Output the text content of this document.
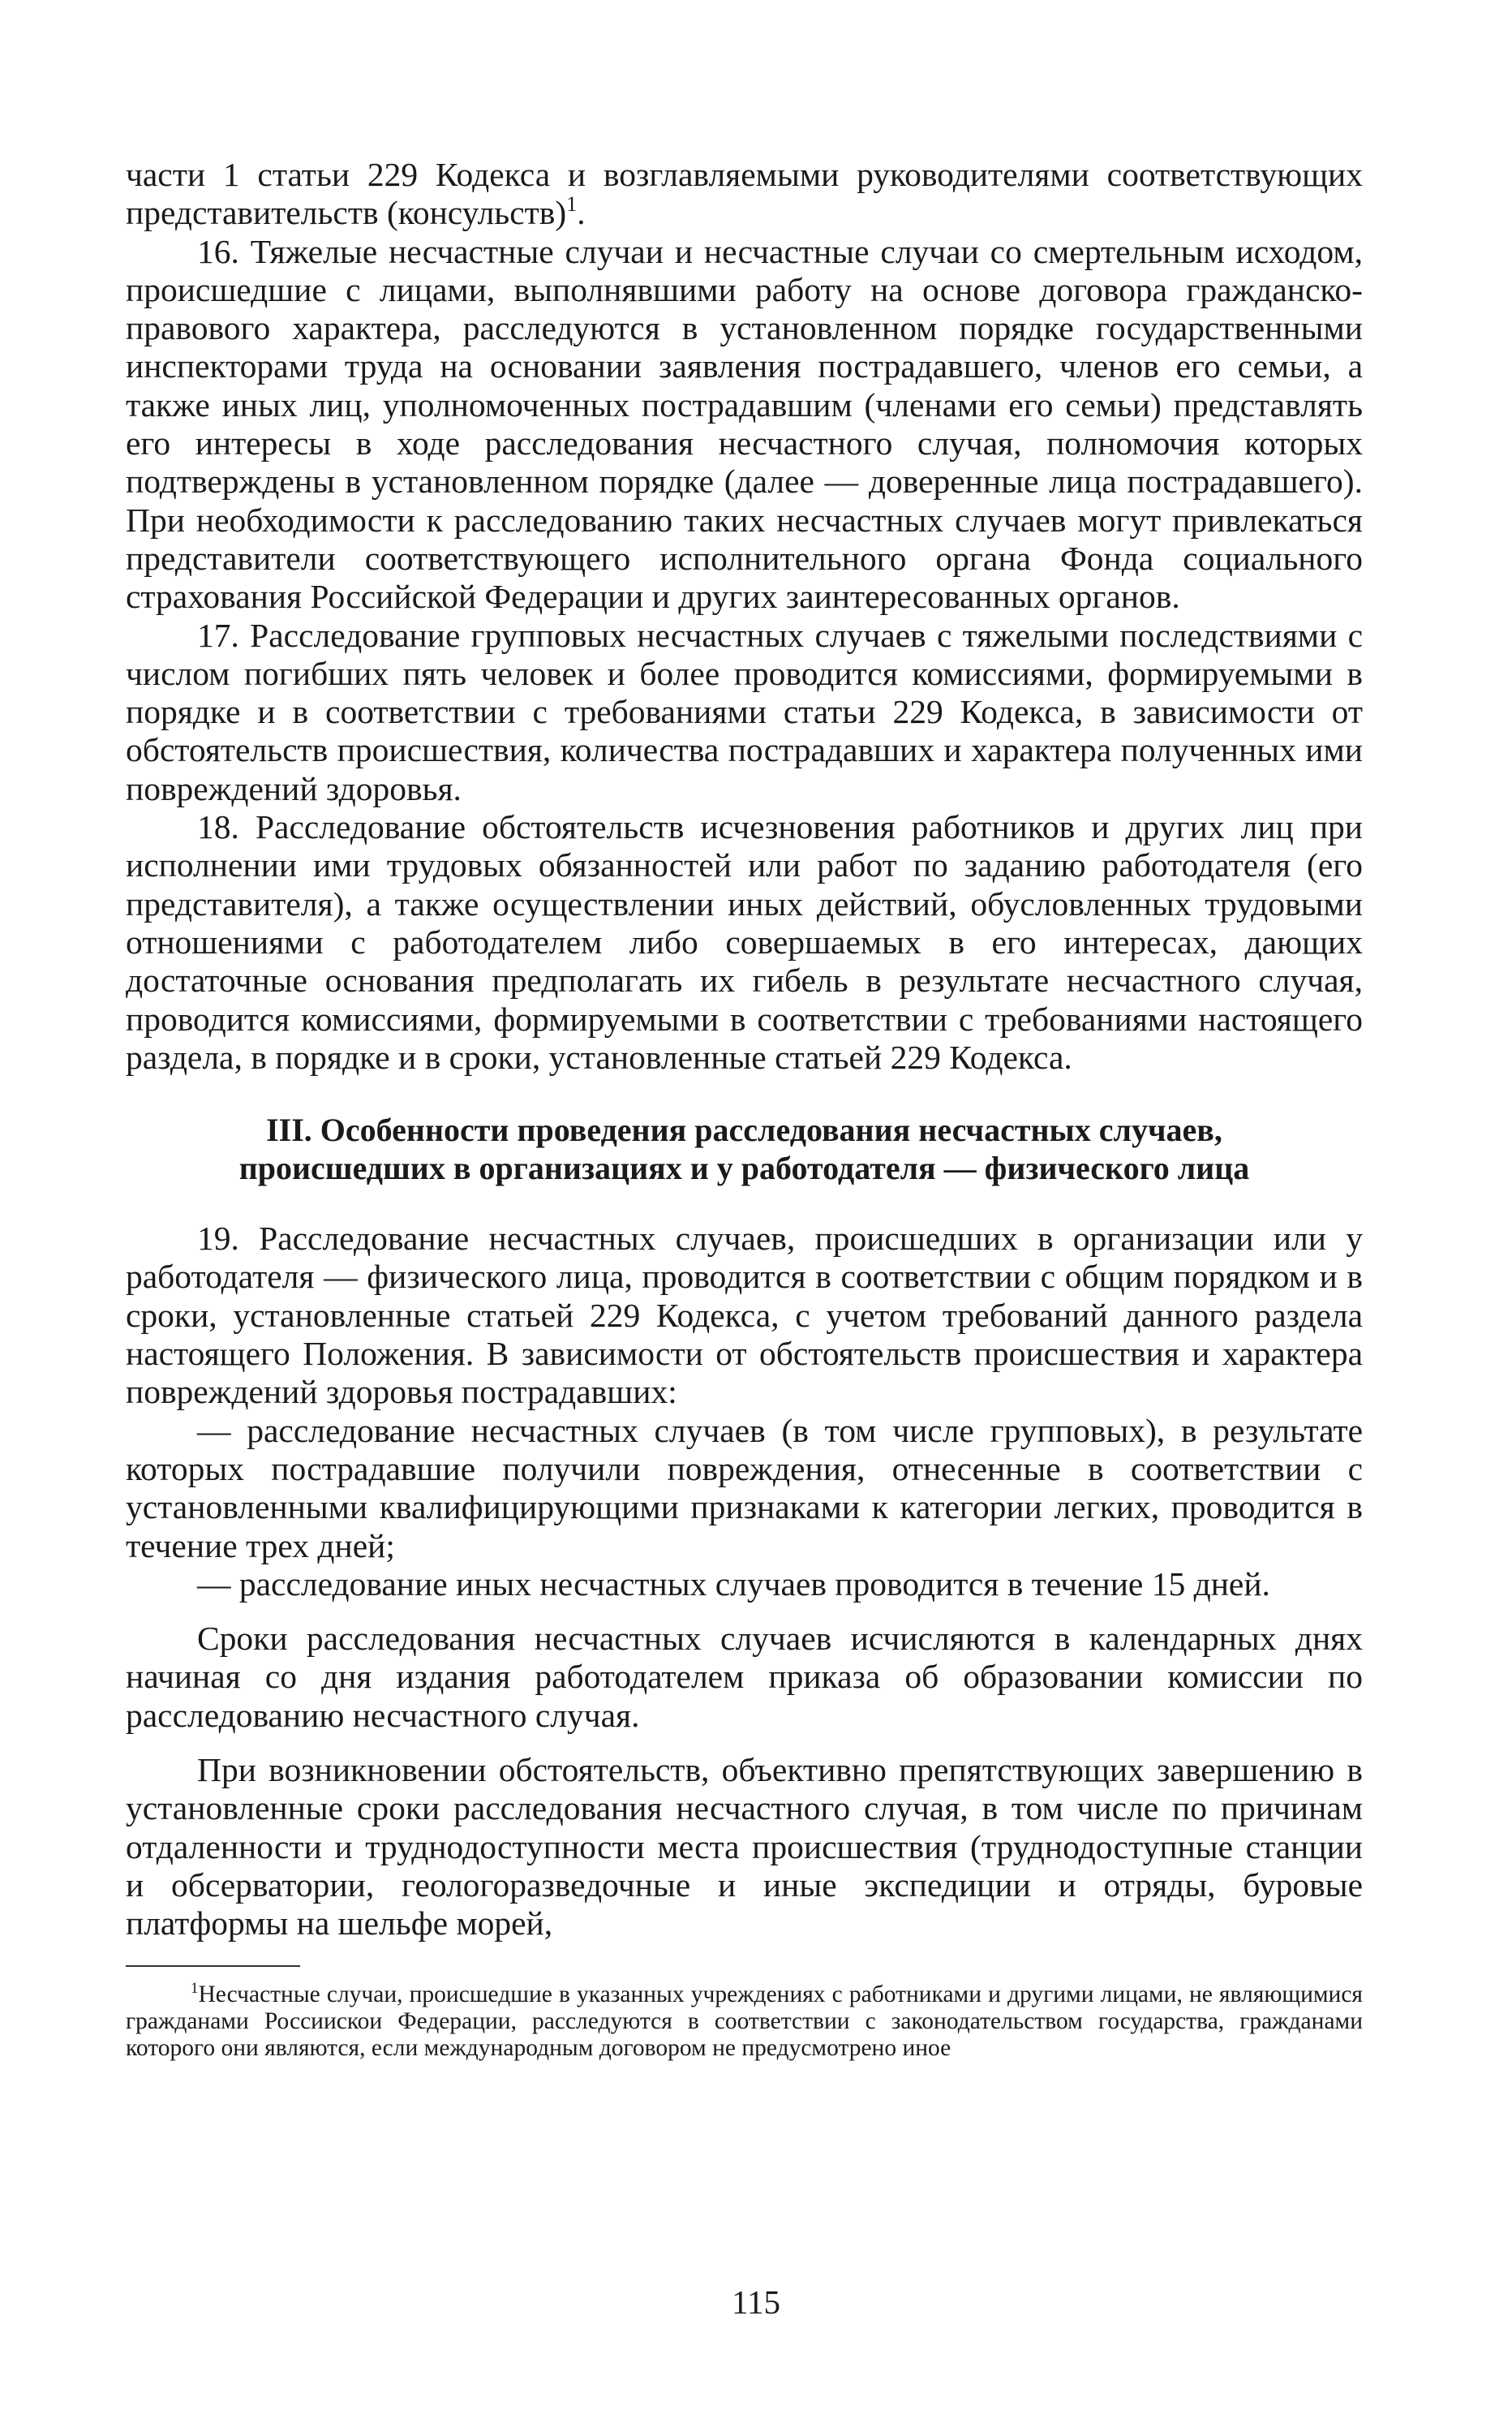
части 1 статьи 229 Кодекса и возглавляемыми руководителями соответствующих представительств (консульств)$^1$.

16. Тяжелые несчастные случаи и несчастные случаи со смертельным исходом, происшедшие с лицами, выполнявшими работу на основе договора гражданско-правового характера, расследуются в установленном порядке государственными инспекторами труда на основании заявления пострадавшего, членов его семьи, а также иных лиц, уполномоченных пострадавшим (членами его семьи) представлять его интересы в ходе расследования несчастного случая, полномочия которых подтверждены в установленном порядке (далее — доверенные лица пострадавшего). При необходимости к расследованию таких несчастных случаев могут привлекаться представители соответствующего исполнительного органа Фонда социального страхования Российской Федерации и других заинтересованных органов.

17. Расследование групповых несчастных случаев с тяжелыми последствиями с числом погибших пять человек и более проводится комиссиями, формируемыми в порядке и в соответствии с требованиями статьи 229 Кодекса, в зависимости от обстоятельств происшествия, количества пострадавших и характера полученных ими повреждений здоровья.

18. Расследование обстоятельств исчезновения работников и других лиц при исполнении ими трудовых обязанностей или работ по заданию работодателя (его представителя), а также осуществлении иных действий, обусловленных трудовыми отношениями с работодателем либо совершаемых в его интересах, дающих достаточные основания предполагать их гибель в результате несчастного случая, проводится комиссиями, формируемыми в соответствии с требованиями настоящего раздела, в порядке и в сроки, установленные статьей 229 Кодекса.

III. Особенности проведения расследования несчастных случаев,
происшедших в организациях и у работодателя — физического лица

19. Расследование несчастных случаев, происшедших в организации или у работодателя — физического лица, проводится в соответствии с общим порядком и в сроки, установленные статьей 229 Кодекса, с учетом требований данного раздела настоящего Положения. В зависимости от обстоятельств происшествия и характера повреждений здоровья пострадавших:

— расследование несчастных случаев (в том числе групповых), в результате которых пострадавшие получили повреждения, отнесенные в соответствии с установленными квалифицирующими признаками к категории легких, проводится в течение трех дней;

— расследование иных несчастных случаев проводится в течение 15 дней.

Сроки расследования несчастных случаев исчисляются в календарных днях начиная со дня издания работодателем приказа об образовании комиссии по расследованию несчастного случая.

При возникновении обстоятельств, объективно препятствующих завершению в установленные сроки расследования несчастного случая, в том числе по причинам отдаленности и труднодоступности места происшествия (труднодоступные станции и обсерватории, геологоразведочные и иные экспедиции и отряды, буровые платформы на шельфе морей,

$^1$Несчастные случаи, происшедшие в указанных учреждениях с работниками и другими лицами, не являющимися гражданами Россиискои Федерации, расследуются в соответствии с законодательством государства, гражданами которого они являются, если международным договором не предусмотрено иное

115
